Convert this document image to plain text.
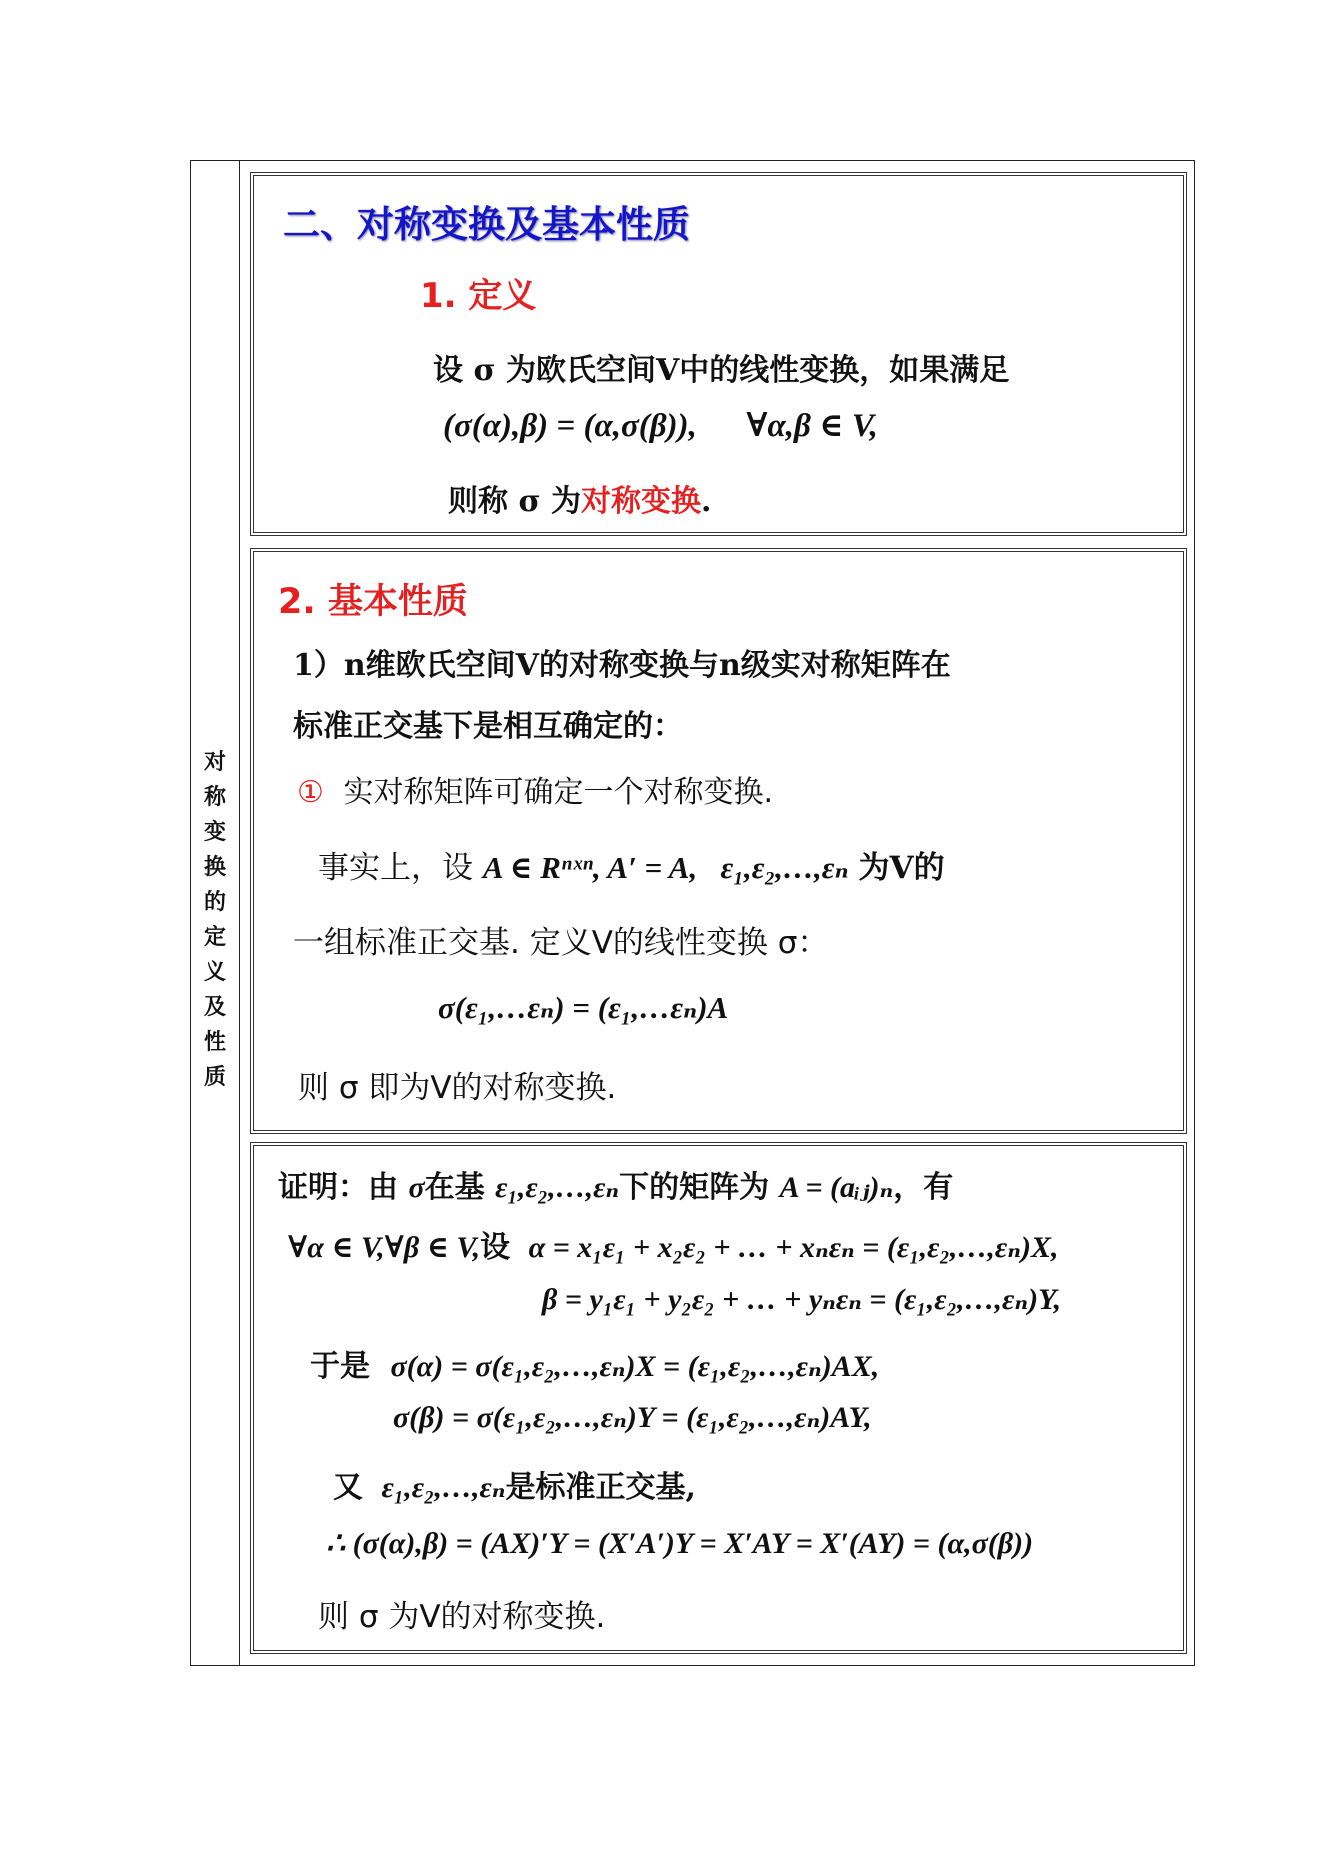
对
称
变
换
的
定
义
及
性
质

二、对称变换及基本性质

1. 定义

设 σ 为欧氏空间V中的线性变换，如果满足

(σ(α),β) = (α,σ(β)),      ∀α,β ∈ V,

则称 σ 为对称变换.

2. 基本性质

1）n维欧氏空间V的对称变换与n级实对称矩阵在

标准正交基下是相互确定的：

① 实对称矩阵可确定一个对称变换.

事实上，设 A ∈ Rⁿˣⁿ, A′ = A,   ε₁,ε₂,…,εₙ 为V的

一组标准正交基. 定义V的线性变换 σ：

σ(ε₁,…εₙ) = (ε₁,…εₙ)A

则 σ 即为V的对称变换.

证明：由 σ在基 ε₁,ε₂,…,εₙ下的矩阵为 A = (aᵢⱼ)ₙ，有

∀α ∈ V,∀β ∈ V,设 α = x₁ε₁ + x₂ε₂ + … + xₙεₙ = (ε₁,ε₂,…,εₙ)X,

β = y₁ε₁ + y₂ε₂ + … + yₙεₙ = (ε₁,ε₂,…,εₙ)Y,

于是 σ(α) = σ(ε₁,ε₂,…,εₙ)X = (ε₁,ε₂,…,εₙ)AX,

σ(β) = σ(ε₁,ε₂,…,εₙ)Y = (ε₁,ε₂,…,εₙ)AY,

又 ε₁,ε₂,…,εₙ是标准正交基,

∴ (σ(α),β) = (AX)′Y = (X′A′)Y = X′AY = X′(AY) = (α,σ(β))

则 σ 为V的对称变换.
